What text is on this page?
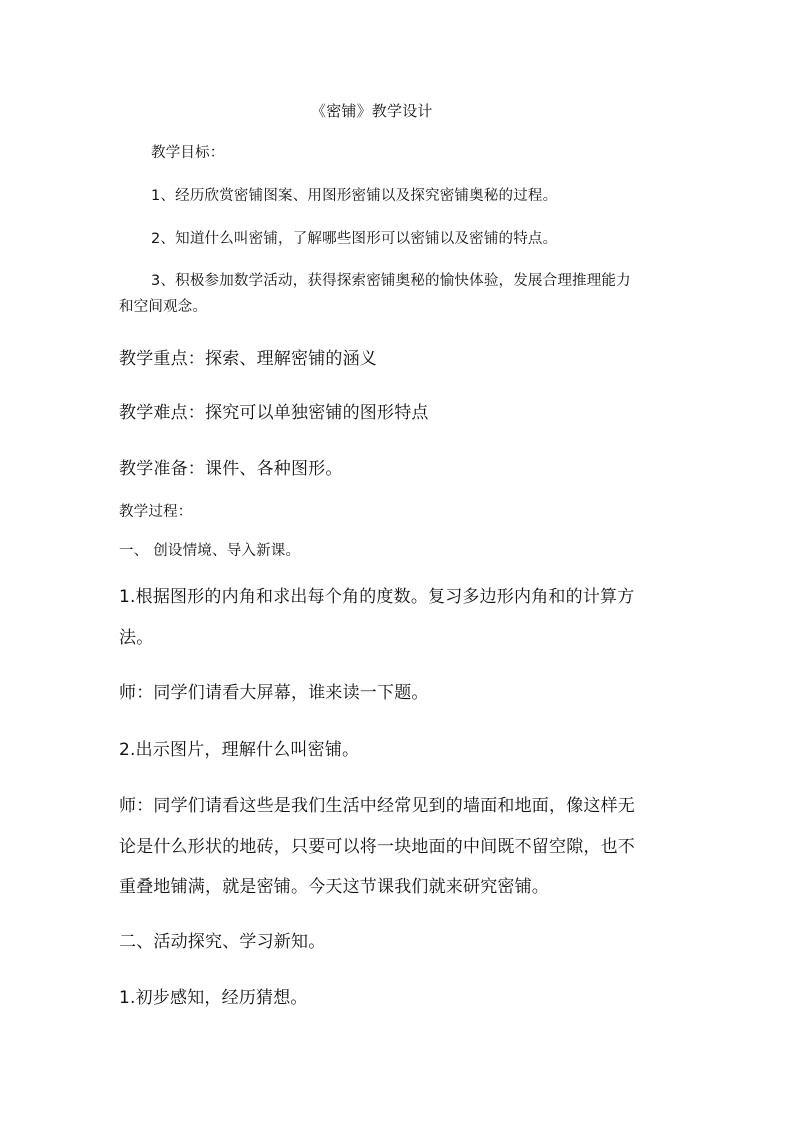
《密铺》教学设计
教学目标：
1、经历欣赏密铺图案、用图形密铺以及探究密铺奥秘的过程。
2、知道什么叫密铺，了解哪些图形可以密铺以及密铺的特点。
3、积极参加数学活动，获得探索密铺奥秘的愉快体验，发展合理推理能力
和空间观念。
教学重点：探索、理解密铺的涵义
教学难点：探究可以单独密铺的图形特点
教学准备：课件、各种图形。
教学过程：
一、 创设情境、导入新课。
1.根据图形的内角和求出每个角的度数。复习多边形内角和的计算方
法。
师：同学们请看大屏幕，谁来读一下题。
2.出示图片，理解什么叫密铺。
师：同学们请看这些是我们生活中经常见到的墙面和地面，像这样无
论是什么形状的地砖，只要可以将一块地面的中间既不留空隙，也不
重叠地铺满，就是密铺。今天这节课我们就来研究密铺。
二、活动探究、学习新知。
1.初步感知，经历猜想。
